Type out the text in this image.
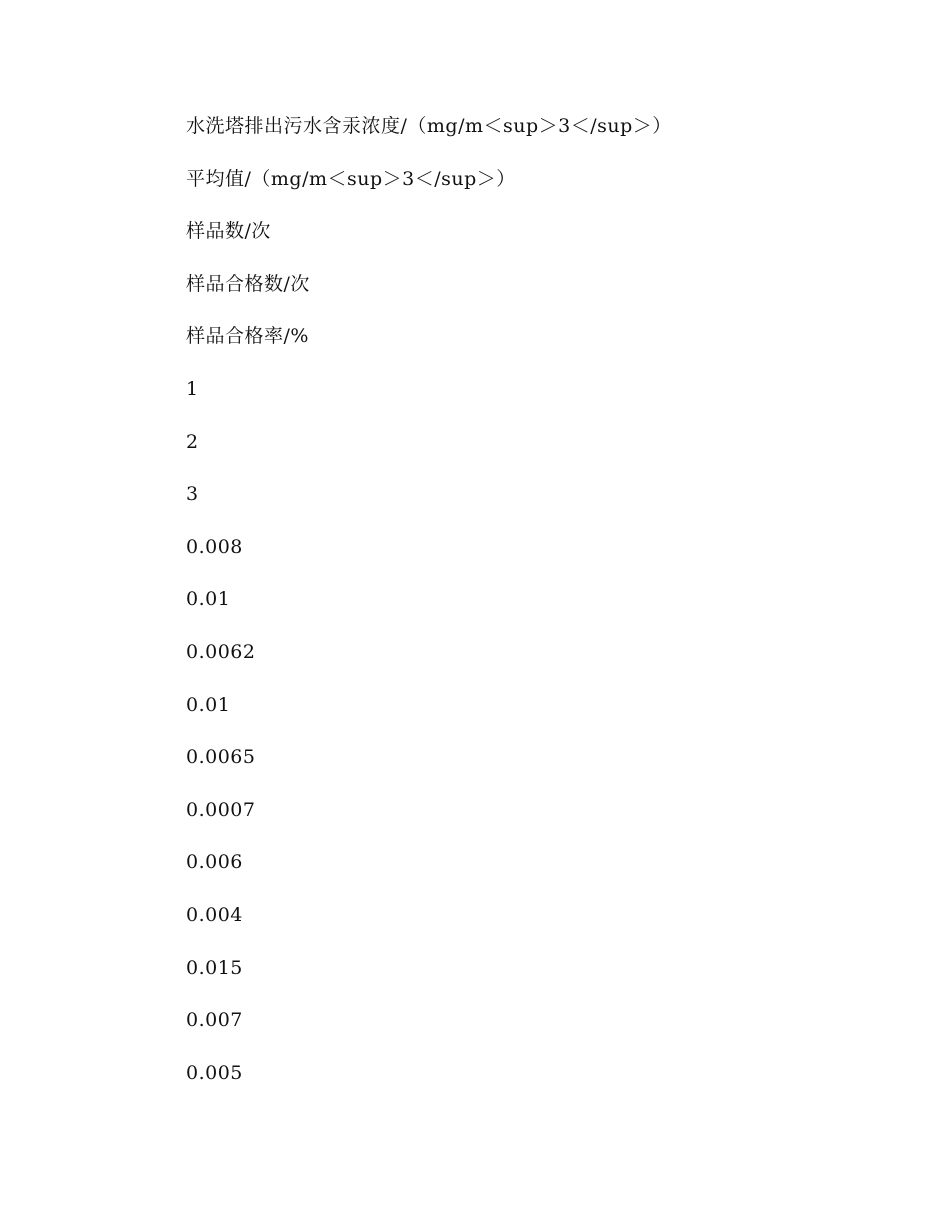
水洗塔排出污水含汞浓度/（mg/m＜sup＞3＜/sup＞）
平均值/（mg/m＜sup＞3＜/sup＞）
样品数/次
样品合格数/次
样品合格率/%
1
2
3
0.008
0.01
0.0062
0.01
0.0065
0.0007
0.006
0.004
0.015
0.007
0.005
